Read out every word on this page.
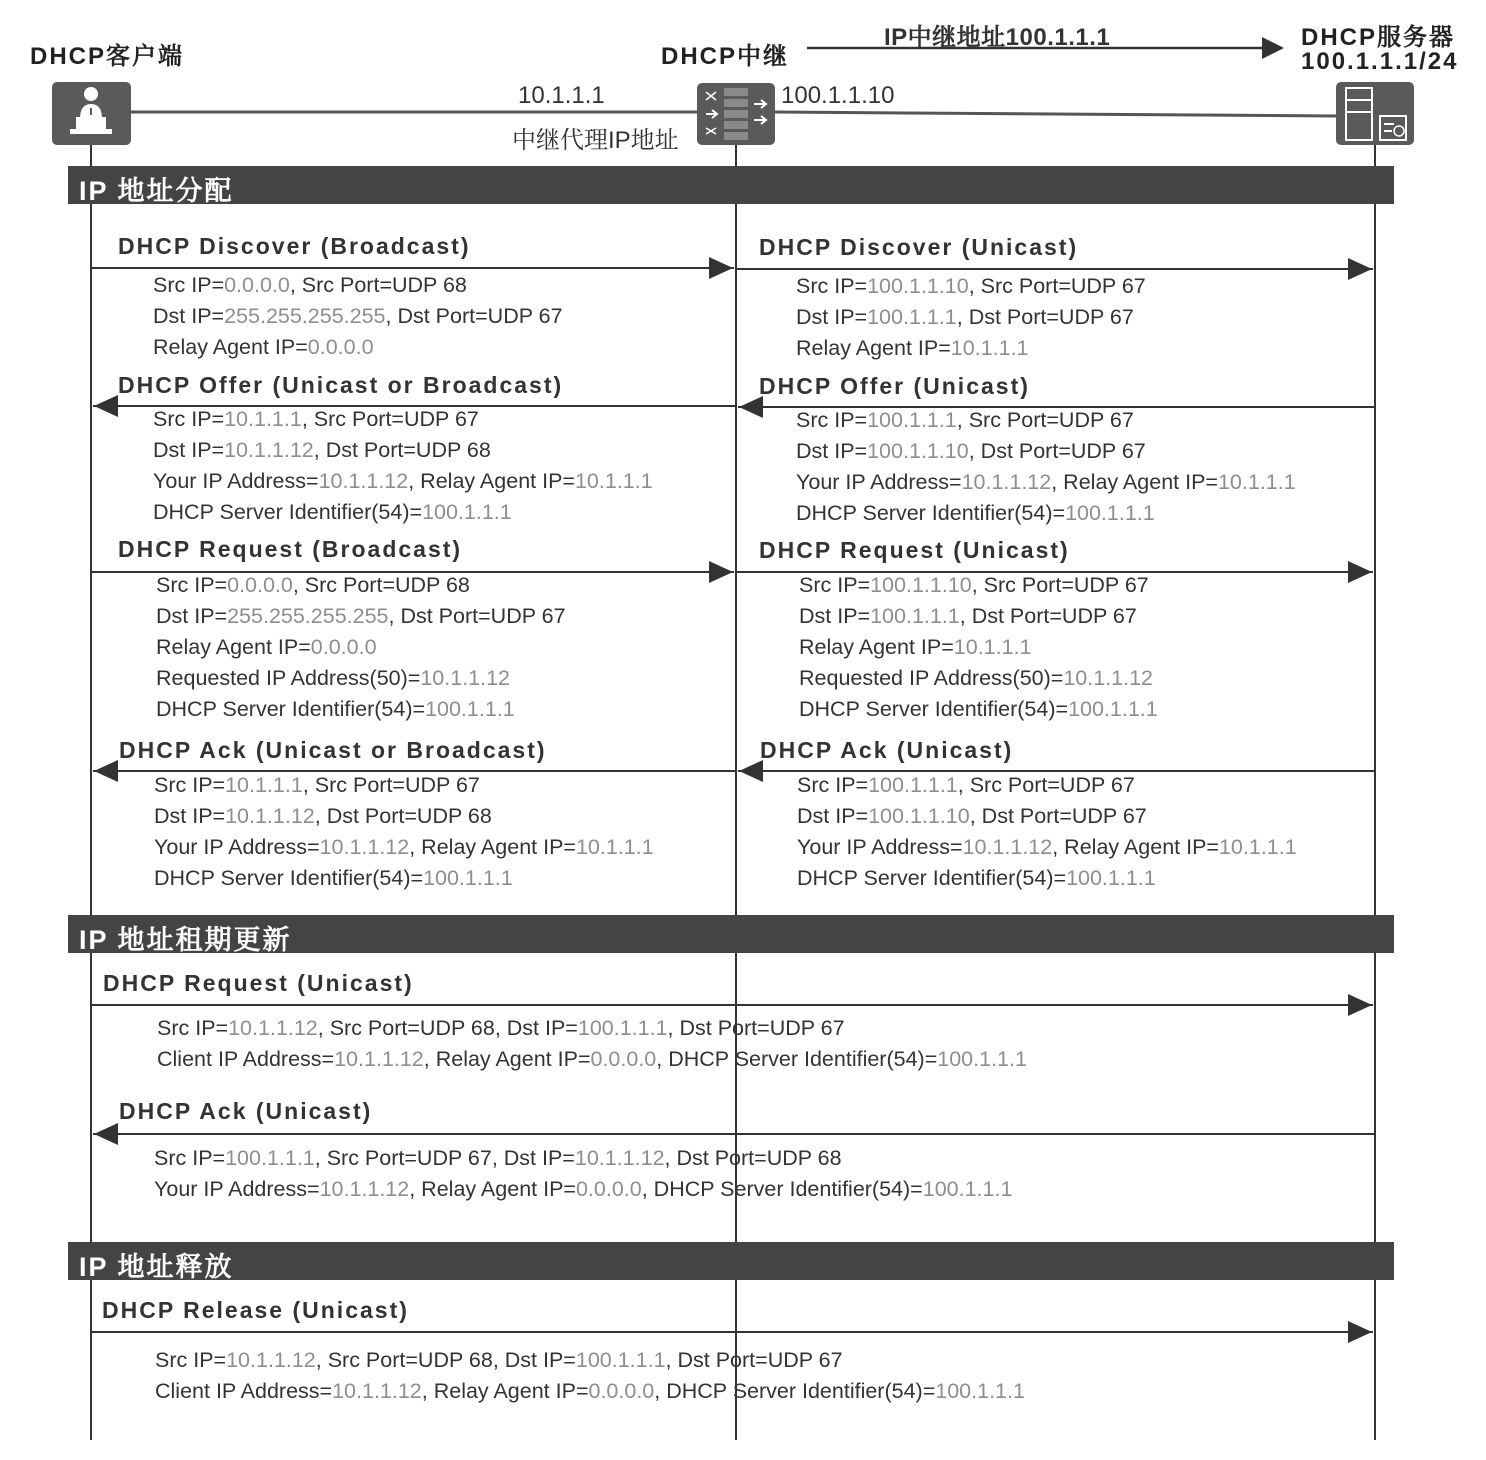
DHCP客户端	DHCP中继
DHCP服务器
100.1.1.1/24
IP中继地址100.1.1.1
10.1.1.1	100.1.1.10
中继代理IP地址
IP 地址分配
DHCP Discover (Broadcast)
Src IP=0.0.0.0, Src Port=UDP 68
Dst IP=255.255.255.255, Dst Port=UDP 67
Relay Agent IP=0.0.0.0
DHCP Discover (Unicast)
Src IP=100.1.1.10, Src Port=UDP 67
Dst IP=100.1.1.1, Dst Port=UDP 67
Relay Agent IP=10.1.1.1
DHCP Offer (Unicast or Broadcast)
Src IP=10.1.1.1, Src Port=UDP 67
Dst IP=10.1.1.12, Dst Port=UDP 68
Your IP Address=10.1.1.12, Relay Agent IP=10.1.1.1
DHCP Server Identifier(54)=100.1.1.1
DHCP Offer (Unicast)
Src IP=100.1.1.1, Src Port=UDP 67
Dst IP=100.1.1.10, Dst Port=UDP 67
Your IP Address=10.1.1.12, Relay Agent IP=10.1.1.1
DHCP Server Identifier(54)=100.1.1.1
DHCP Request (Broadcast)
Src IP=0.0.0.0, Src Port=UDP 68
Dst IP=255.255.255.255, Dst Port=UDP 67
Relay Agent IP=0.0.0.0
Requested IP Address(50)=10.1.1.12
DHCP Server Identifier(54)=100.1.1.1
DHCP Request (Unicast)
Src IP=100.1.1.10, Src Port=UDP 67
Dst IP=100.1.1.1, Dst Port=UDP 67
Relay Agent IP=10.1.1.1
Requested IP Address(50)=10.1.1.12
DHCP Server Identifier(54)=100.1.1.1
DHCP Ack (Unicast or Broadcast)
Src IP=10.1.1.1, Src Port=UDP 67
Dst IP=10.1.1.12, Dst Port=UDP 68
Your IP Address=10.1.1.12, Relay Agent IP=10.1.1.1
DHCP Server Identifier(54)=100.1.1.1
DHCP Ack (Unicast)
Src IP=100.1.1.1, Src Port=UDP 67
Dst IP=100.1.1.10, Dst Port=UDP 67
Your IP Address=10.1.1.12, Relay Agent IP=10.1.1.1
DHCP Server Identifier(54)=100.1.1.1
IP 地址租期更新
DHCP Request (Unicast)
Src IP=10.1.1.12, Src Port=UDP 68, Dst IP=100.1.1.1, Dst Port=UDP 67
Client IP Address=10.1.1.12, Relay Agent IP=0.0.0.0, DHCP Server Identifier(54)=100.1.1.1
DHCP Ack (Unicast)
Src IP=100.1.1.1, Src Port=UDP 67, Dst IP=10.1.1.12, Dst Port=UDP 68
Your IP Address=10.1.1.12, Relay Agent IP=0.0.0.0, DHCP Server Identifier(54)=100.1.1.1
IP 地址释放
DHCP Release (Unicast)
Src IP=10.1.1.12, Src Port=UDP 68, Dst IP=100.1.1.1, Dst Port=UDP 67
Client IP Address=10.1.1.12, Relay Agent IP=0.0.0.0, DHCP Server Identifier(54)=100.1.1.1
